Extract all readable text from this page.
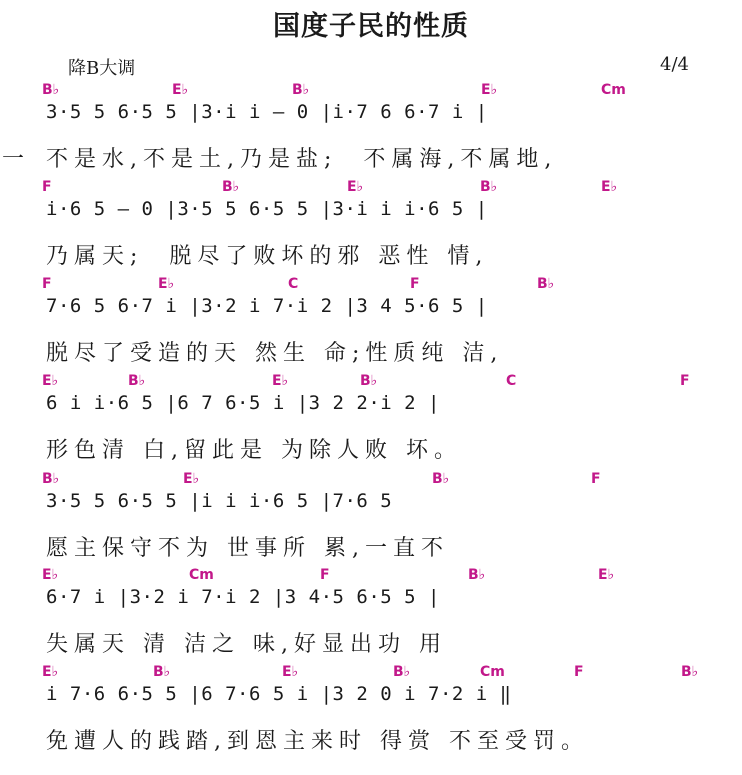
国度子民的性质
降B大调	4/4
B♭	E♭	B♭	E♭	Cm
3·5 5 6·5 5 |3·i i – 0 |i·7 6 6·7 i |
一 不是水,不是土,乃是盐;  不属海,不属地,
F	B♭	E♭	B♭	E♭
i·6 5 – 0 |3·5 5 6·5 5 |3·i i i·6 5 |
乃属天;  脱尽了败坏的邪 恶性 情,
F	E♭	C	F	B♭
7·6 5 6·7 i |3·2 i 7·i 2 |3 4 5·6 5 |
脱尽了受造的天 然生 命;性质纯 洁,
E♭	B♭	E♭	B♭	C	F
6 i i·6 5 |6 7 6·5 i |3 2 2·i 2 |
形色清 白,留此是 为除人败 坏。
B♭	E♭	B♭	F
3·5 5 6·5 5 |i i i·6 5 |7·6 5
愿主保守不为 世事所 累,一直不
E♭	Cm	F	B♭	E♭
6·7 i |3·2 i 7·i 2 |3 4·5 6·5 5 |
失属天 清 洁之 味,好显出功 用
E♭	B♭	E♭	B♭	Cm	F	B♭
i 7·6 6·5 5 |6 7·6 5 i |3 2 0 i 7·2 i ‖
免遭人的践踏,到恩主来时 得赏 不至受罚。
